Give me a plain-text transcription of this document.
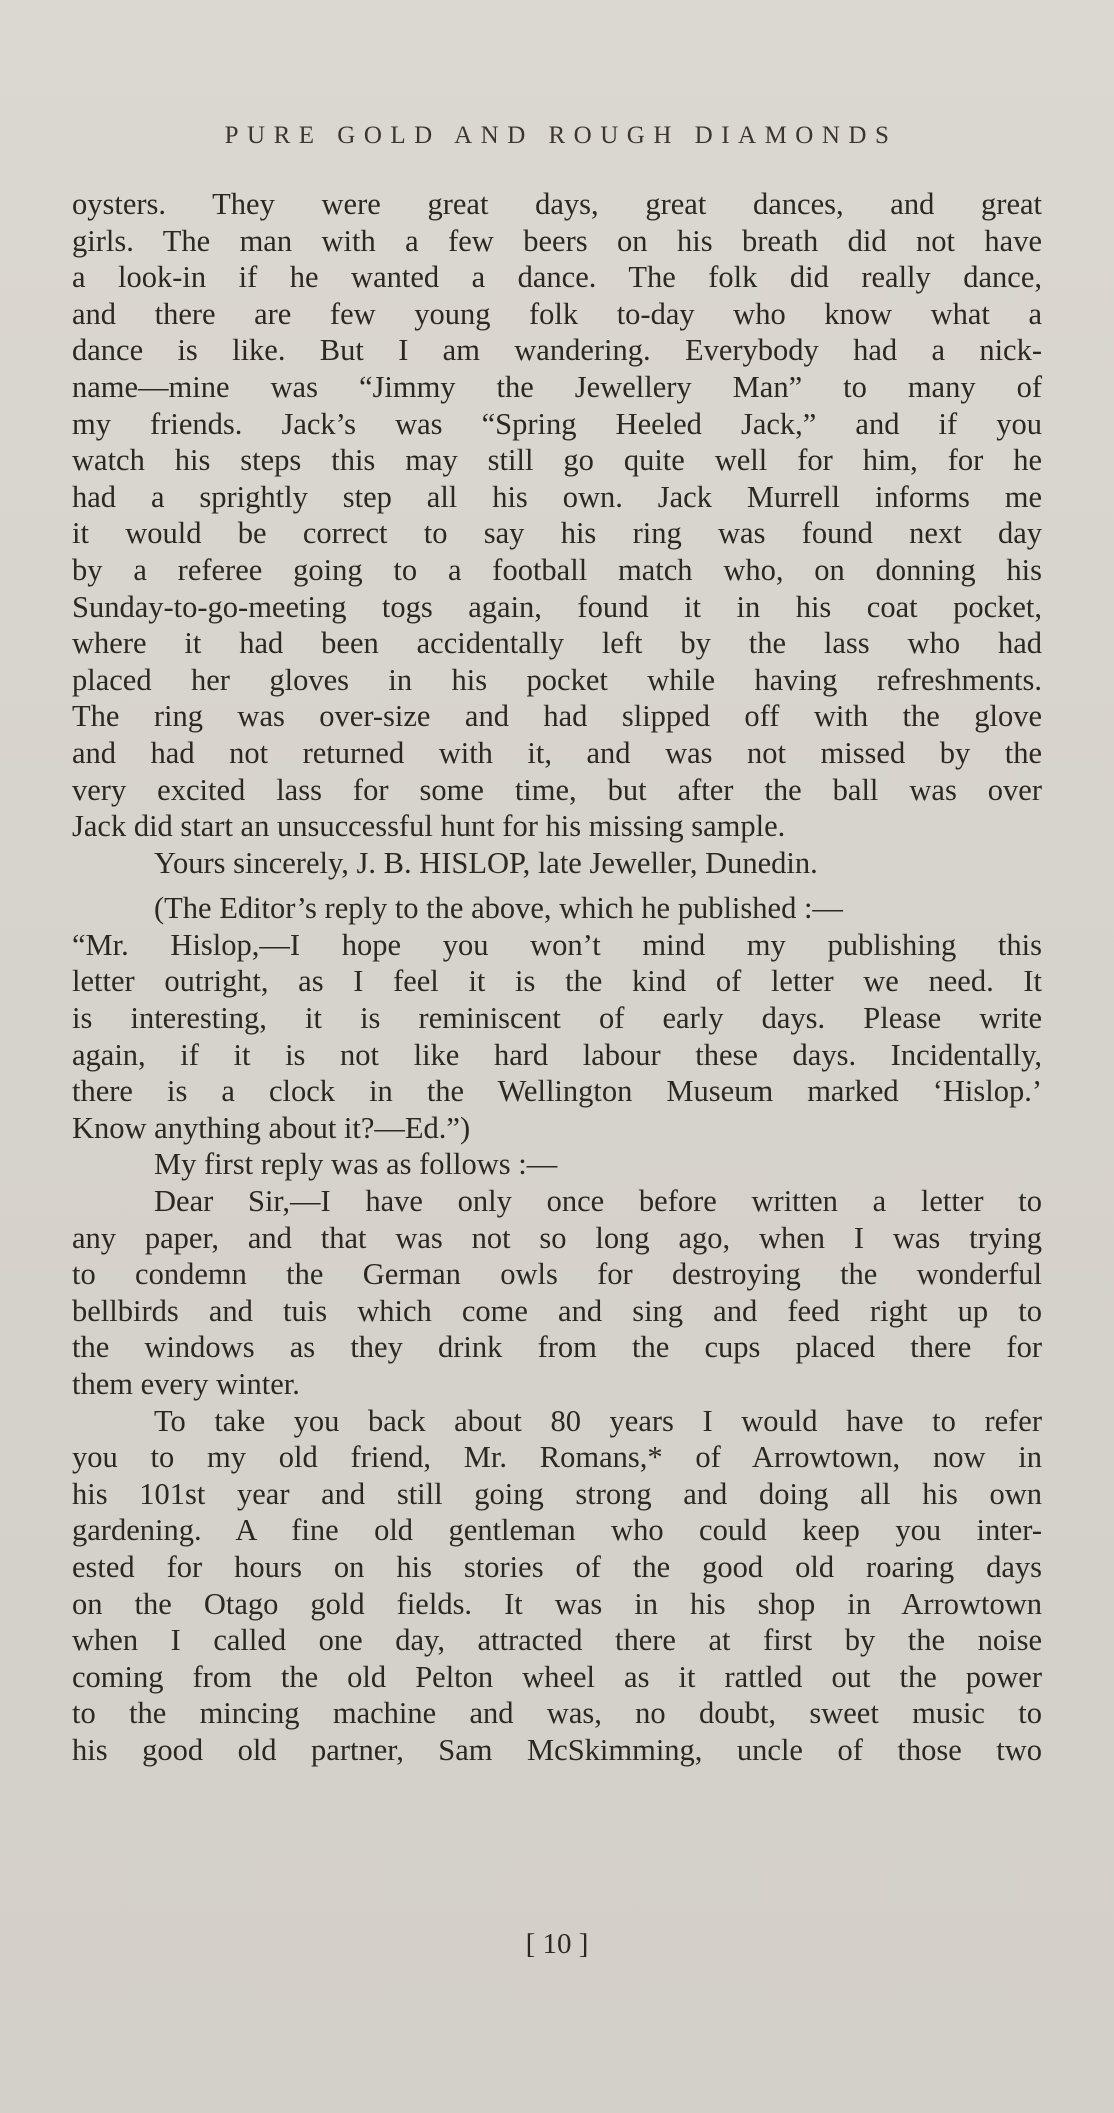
PURE GOLD AND ROUGH DIAMONDS
oysters. They were great days, great dances, and great
girls. The man with a few beers on his breath did not have
a look-in if he wanted a dance. The folk did really dance,
and there are few young folk to-day who know what a
dance is like. But I am wandering. Everybody had a nick-
name—mine was “Jimmy the Jewellery Man” to many of
my friends. Jack’s was “Spring Heeled Jack,” and if you
watch his steps this may still go quite well for him, for he
had a sprightly step all his own. Jack Murrell informs me
it would be correct to say his ring was found next day
by a referee going to a football match who, on donning his
Sunday-to-go-meeting togs again, found it in his coat pocket,
where it had been accidentally left by the lass who had
placed her gloves in his pocket while having refreshments.
The ring was over-size and had slipped off with the glove
and had not returned with it, and was not missed by the
very excited lass for some time, but after the ball was over
Jack did start an unsuccessful hunt for his missing sample.
Yours sincerely, J. B. HISLOP, late Jeweller, Dunedin.
(The Editor’s reply to the above, which he published :—
“Mr. Hislop,—I hope you won’t mind my publishing this
letter outright, as I feel it is the kind of letter we need. It
is interesting, it is reminiscent of early days. Please write
again, if it is not like hard labour these days. Incidentally,
there is a clock in the Wellington Museum marked ‘Hislop.’
Know anything about it?—Ed.”)
My first reply was as follows :—
Dear Sir,—I have only once before written a letter to
any paper, and that was not so long ago, when I was trying
to condemn the German owls for destroying the wonderful
bellbirds and tuis which come and sing and feed right up to
the windows as they drink from the cups placed there for
them every winter.
To take you back about 80 years I would have to refer
you to my old friend, Mr. Romans,* of Arrowtown, now in
his 101st year and still going strong and doing all his own
gardening. A fine old gentleman who could keep you inter-
ested for hours on his stories of the good old roaring days
on the Otago gold fields. It was in his shop in Arrowtown
when I called one day, attracted there at first by the noise
coming from the old Pelton wheel as it rattled out the power
to the mincing machine and was, no doubt, sweet music to
his good old partner, Sam McSkimming, uncle of those two
[ 10 ]
